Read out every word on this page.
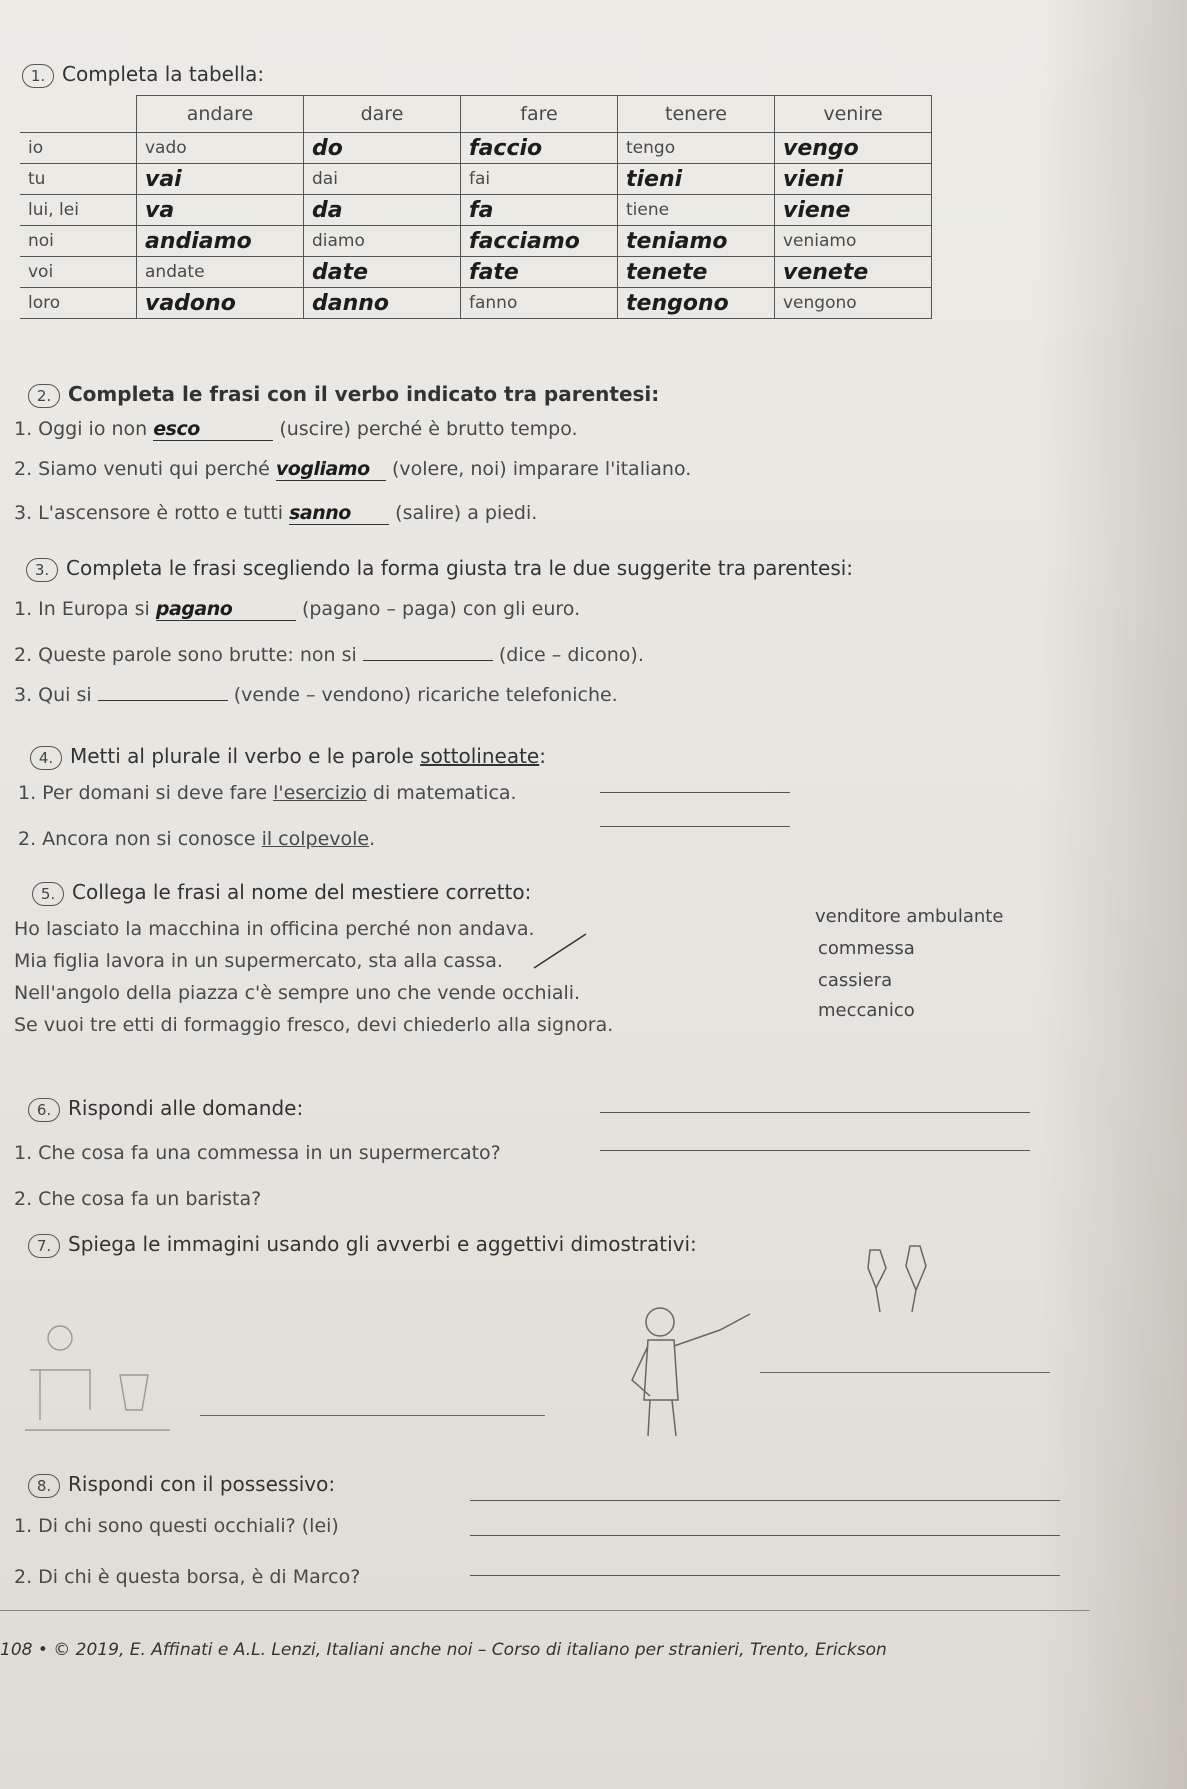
1. Completa la tabella:
	andare	dare	fare	tenere	venire
io	vado	do	faccio	tengo	vengo
tu	vai	dai	fai	tieni	vieni
lui, lei	va	da	fa	tiene	viene
noi	andiamo	diamo	facciamo	teniamo	veniamo
voi	andate	date	fate	tenete	venete
loro	vadono	danno	fanno	tengono	vengono
2. Completa le frasi con il verbo indicato tra parentesi:
1. Oggi io non esco	(uscire) perché è brutto tempo.
2. Siamo venuti qui perché vogliamo (volere, noi) imparare l'italiano.
3. L'ascensore è rotto e tutti sanno (salire) a piedi.
3. Completa le frasi scegliendo la forma giusta tra le due suggerite tra parentesi:
1. In Europa si pagano	(pagano – paga) con gli euro.
2. Queste parole sono brutte: non si	(dice – dicono).
3. Qui si	(vende – vendono) ricariche telefoniche.
4. Metti al plurale il verbo e le parole sottolineate:
1. Per domani si deve fare l'esercizio di matematica.
2. Ancora non si conosce il colpevole.
5. Collega le frasi al nome del mestiere corretto:
Ho lasciato la macchina in officina perché non andava.
Mia figlia lavora in un supermercato, sta alla cassa.
Nell'angolo della piazza c'è sempre uno che vende occhiali.
Se vuoi tre etti di formaggio fresco, devi chiederlo alla signora.
venditore ambulante
commessa
cassiera
meccanico
6. Rispondi alle domande:
1. Che cosa fa una commessa in un supermercato?
2. Che cosa fa un barista?
7. Spiega le immagini usando gli avverbi e aggettivi dimostrativi:
8. Rispondi con il possessivo:
1. Di chi sono questi occhiali? (lei)
2. Di chi è questa borsa, è di Marco?
108 • © 2019, E. Affinati e A.L. Lenzi, Italiani anche noi – Corso di italiano per stranieri, Trento, Erickson
